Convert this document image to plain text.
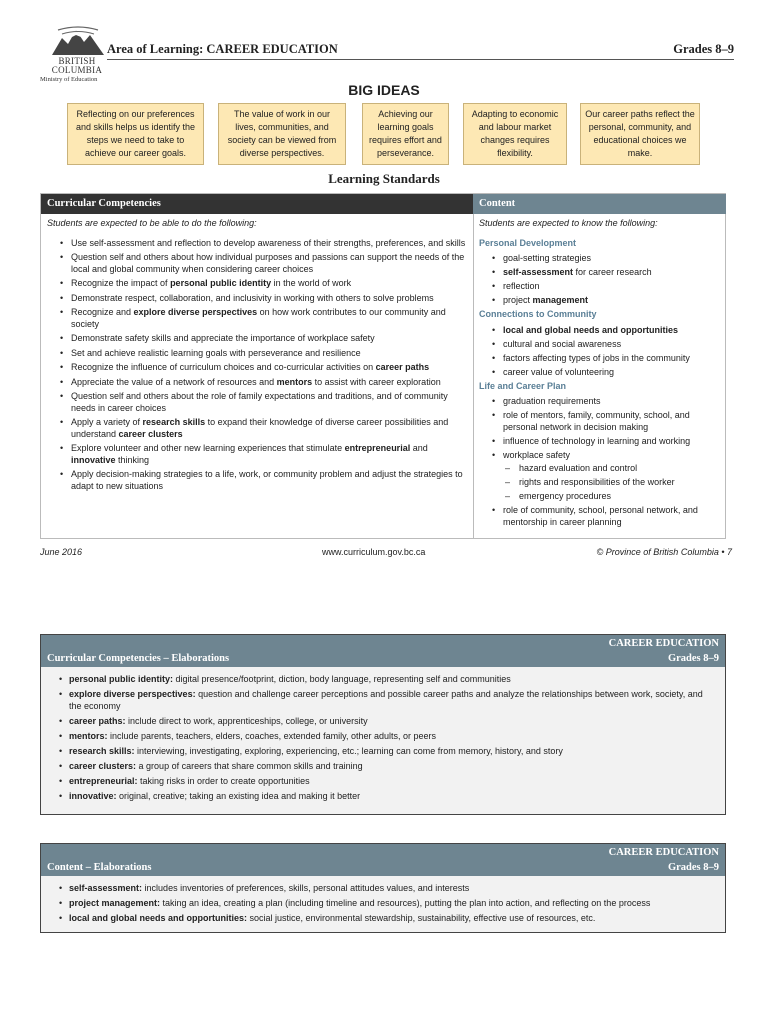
BRITISH
COLUMBIA
Ministry of Education
Area of Learning: CAREER EDUCATION	Grades 8–9
BIG IDEAS
Reflecting on our preferences and skills helps us identify the steps we need to take to achieve our career goals.
The value of work in our lives, communities, and society can be viewed from diverse perspectives.
Achieving our learning goals requires effort and perseverance.
Adapting to economic and labour market changes requires flexibility.
Our career paths reflect the personal, community, and educational choices we make.
Learning Standards
Curricular Competencies	Content
Students are expected to be able to do the following:
• Use self-assessment and reflection to develop awareness of their strengths, preferences, and skills
• Question self and others about how individual purposes and passions can support the needs of the local and global community when considering career choices
• Recognize the impact of personal public identity in the world of work
• Demonstrate respect, collaboration, and inclusivity in working with others to solve problems
• Recognize and explore diverse perspectives on how work contributes to our community and society
• Demonstrate safety skills and appreciate the importance of workplace safety
• Set and achieve realistic learning goals with perseverance and resilience
• Recognize the influence of curriculum choices and co-curricular activities on career paths
• Appreciate the value of a network of resources and mentors to assist with career exploration
• Question self and others about the role of family expectations and traditions, and of community needs in career choices
• Apply a variety of research skills to expand their knowledge of diverse career possibilities and understand career clusters
• Explore volunteer and other new learning experiences that stimulate entrepreneurial and innovative thinking
• Apply decision-making strategies to a life, work, or community problem and adjust the strategies to adapt to new situations
Students are expected to know the following:
Personal Development
• goal-setting strategies
• self-assessment for career research
• reflection
• project management
Connections to Community
• local and global needs and opportunities
• cultural and social awareness
• factors affecting types of jobs in the community
• career value of volunteering
Life and Career Plan
• graduation requirements
• role of mentors, family, community, school, and personal network in decision making
• influence of technology in learning and working
• workplace safety
– hazard evaluation and control
– rights and responsibilities of the worker
– emergency procedures
• role of community, school, personal network, and mentorship in career planning
June 2016	www.curriculum.gov.bc.ca	© Province of British Columbia • 7
Curricular Competencies – Elaborations
CAREER EDUCATION
Grades 8–9
• personal public identity: digital presence/footprint, diction, body language, representing self and communities
• explore diverse perspectives: question and challenge career perceptions and possible career paths and analyze the relationships between work, society, and the economy
• career paths: include direct to work, apprenticeships, college, or university
• mentors: include parents, teachers, elders, coaches, extended family, other adults, or peers
• research skills: interviewing, investigating, exploring, experiencing, etc.; learning can come from memory, history, and story
• career clusters: a group of careers that share common skills and training
• entrepreneurial: taking risks in order to create opportunities
• innovative: original, creative; taking an existing idea and making it better
Content – Elaborations
CAREER EDUCATION
Grades 8–9
• self-assessment: includes inventories of preferences, skills, personal attitudes values, and interests
• project management: taking an idea, creating a plan (including timeline and resources), putting the plan into action, and reflecting on the process
• local and global needs and opportunities: social justice, environmental stewardship, sustainability, effective use of resources, etc.
